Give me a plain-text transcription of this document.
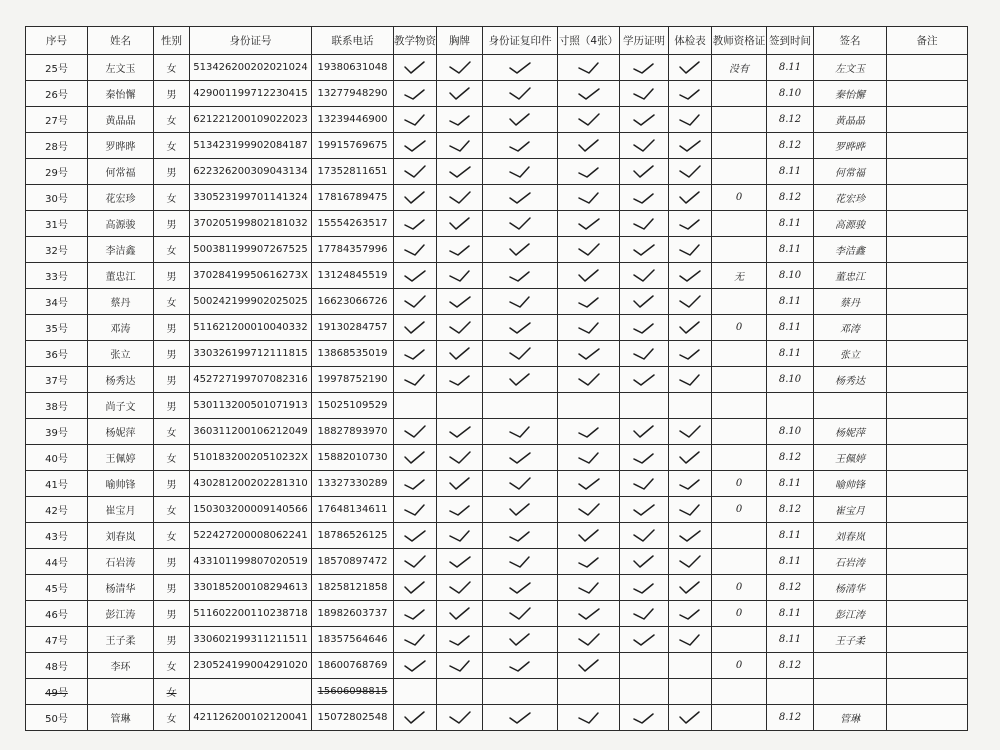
序号	姓名	性别	身份证号	联系电话	教学物资	胸牌	身份证复印件	寸照（4张）	学历证明	体检表	教师资格证	签到时间	签名	备注
25号	左文玉	女	513426200202021024	19380631048							没有	8.11	左文玉	
26号	秦怡懈	男	429001199712230415	13277948290								8.10	秦怡懈	
27号	黄晶晶	女	621221200109022023	13239446900								8.12	黄晶晶	
28号	罗晔晔	女	513423199902084187	19915769675								8.12	罗晔晔	
29号	何常福	男	622326200309043134	17352811651								8.11	何常福	
30号	花宏珍	女	330523199701141324	17816789475							0	8.12	花宏珍	
31号	高源骏	男	370205199802181032	15554263517								8.11	高源骏	
32号	李洁鑫	女	500381199907267525	17784357996								8.11	李洁鑫	
33号	董忠江	男	37028419950616273X	13124845519							无	8.10	董忠江	
34号	蔡丹	女	500242199902025025	16623066726								8.11	蔡丹	
35号	邓涛	男	511621200010040332	19130284757							0	8.11	邓涛	
36号	张立	男	330326199712111815	13868535019								8.11	张立	
37号	杨秀达	男	452727199707082316	19978752190								8.10	杨秀达	
38号	尚子文	男	530113200501071913	15025109529										
39号	杨妮萍	女	360311200106212049	18827893970								8.10	杨妮萍	
40号	王佩婷	女	51018320020510232X	15882010730								8.12	王佩婷	
41号	喻帅锋	男	430281200202281310	13327330289							0	8.11	喻帅锋	
42号	崔宝月	女	150303200009140566	17648134611							0	8.12	崔宝月	
43号	刘春岚	女	522427200008062241	18786526125								8.11	刘春岚	
44号	石岩涛	男	433101199807020519	18570897472								8.11	石岩涛	
45号	杨清华	男	330185200108294613	18258121858							0	8.12	杨清华	
46号	彭江涛	男	511602200110238718	18982603737							0	8.11	彭江涛	
47号	王子柔	男	330602199311211511	18357564646								8.11	王子柔	
48号	李环	女	230524199004291020	18600768769							0	8.12		
49号		女		15606098815										
50号	管琳	女	421126200102120041	15072802548								8.12	管琳	
